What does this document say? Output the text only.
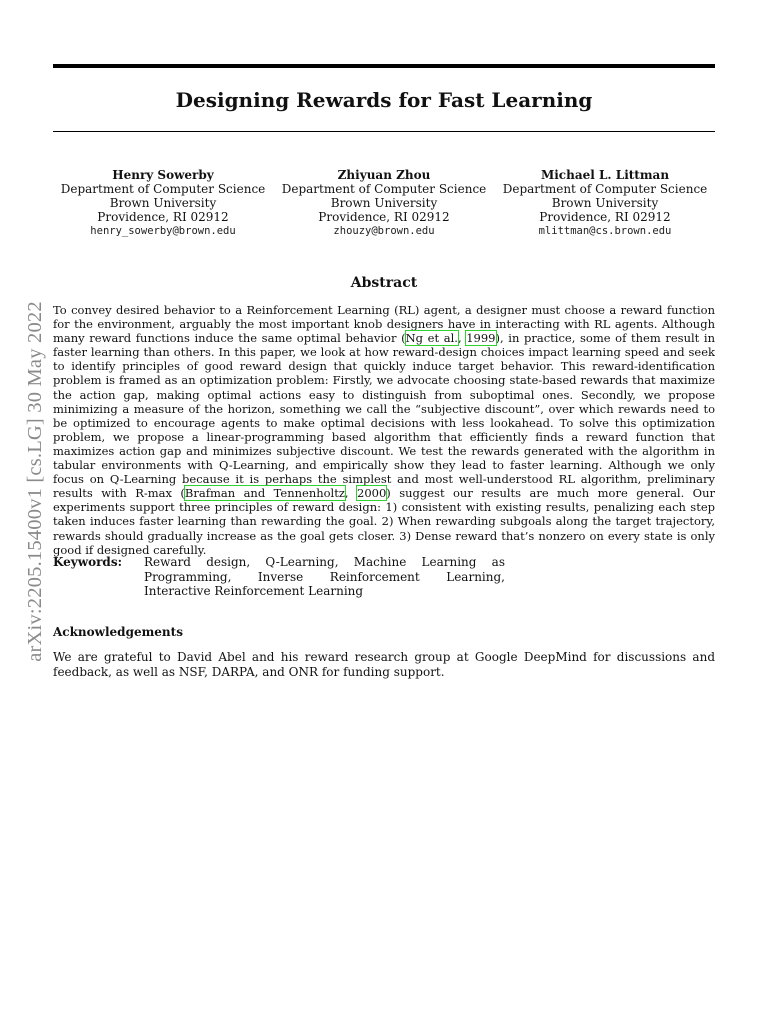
arXiv:2205.15400v1 [cs.LG] 30 May 2022
Designing Rewards for Fast Learning
Henry Sowerby
Department of Computer Science
Brown University
Providence, RI 02912
henry_sowerby@brown.edu
Zhiyuan Zhou
Department of Computer Science
Brown University
Providence, RI 02912
zhouzy@brown.edu
Michael L. Littman
Department of Computer Science
Brown University
Providence, RI 02912
mlittman@cs.brown.edu
Abstract

To convey desired behavior to a Reinforcement Learning (RL) agent, a designer must choose a reward function for the environment, arguably the most important knob designers have in interacting with RL agents. Although many reward functions induce the same optimal behavior (Ng et al., 1999), in practice, some of them result in faster learning than others. In this paper, we look at how reward-design choices impact learning speed and seek to identify principles of good reward design that quickly induce target behavior. This reward-identification problem is framed as an optimization problem: Firstly, we advocate choosing state-based rewards that maximize the action gap, making optimal actions easy to distinguish from suboptimal ones. Secondly, we propose minimizing a measure of the horizon, something we call the “subjective discount”, over which rewards need to be optimized to encourage agents to make optimal decisions with less lookahead. To solve this optimization problem, we propose a linear-programming based algorithm that efficiently finds a reward function that maximizes action gap and minimizes subjective discount. We test the rewards generated with the algorithm in tabular environments with Q-Learning, and empirically show they lead to faster learning. Although we only focus on Q-Learning because it is perhaps the simplest and most well-understood RL algorithm, preliminary results with R-max (Brafman and Tennenholtz, 2000) suggest our results are much more general. Our experiments support three principles of reward design: 1) consistent with existing results, penalizing each step taken induces faster learning than rewarding the goal. 2) When rewarding subgoals along the target trajectory, rewards should gradually increase as the goal gets closer. 3) Dense reward that’s nonzero on every state is only good if designed carefully.

Keywords: Reward design, Q-Learning, Machine Learning as Programming, Inverse Reinforcement Learning, Interactive Reinforcement Learning
Acknowledgements

We are grateful to David Abel and his reward research group at Google DeepMind for discussions and feedback, as well as NSF, DARPA, and ONR for funding support.
